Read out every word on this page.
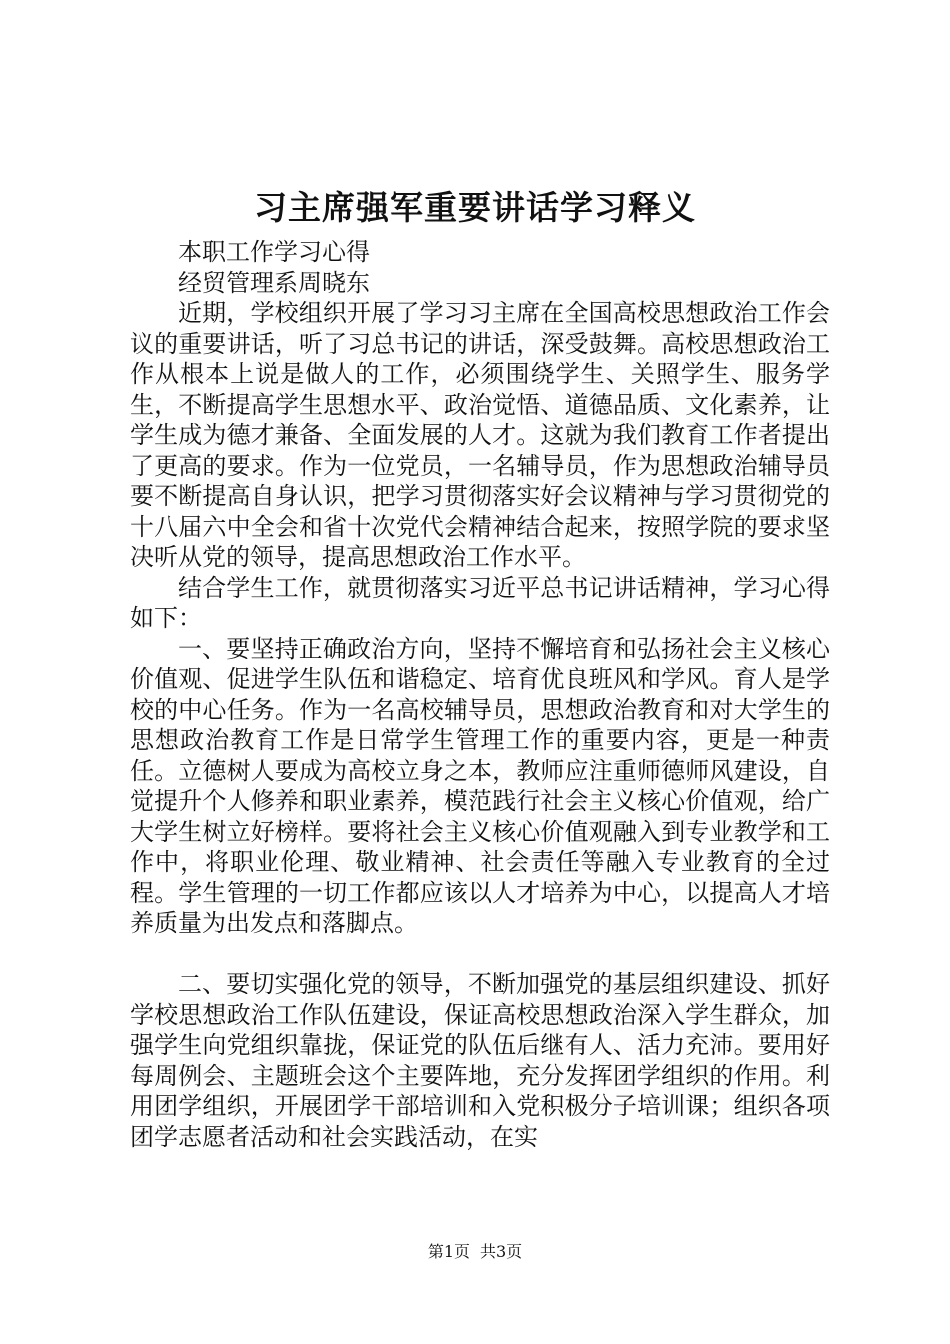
习主席强军重要讲话学习释义

本职工作学习心得

经贸管理系周晓东

近期，学校组织开展了学习习主席在全国高校思想政治工作会议的重要讲话，听了习总书记的讲话，深受鼓舞。高校思想政治工作从根本上说是做人的工作，必须围绕学生、关照学生、服务学生，不断提高学生思想水平、政治觉悟、道德品质、文化素养，让学生成为德才兼备、全面发展的人才。这就为我们教育工作者提出了更高的要求。作为一位党员，一名辅导员，作为思想政治辅导员要不断提高自身认识，把学习贯彻落实好会议精神与学习贯彻党的十八届六中全会和省十次党代会精神结合起来，按照学院的要求坚决听从党的领导，提高思想政治工作水平。

结合学生工作，就贯彻落实习近平总书记讲话精神，学习心得如下：

一、要坚持正确政治方向，坚持不懈培育和弘扬社会主义核心价值观、促进学生队伍和谐稳定、培育优良班风和学风。育人是学校的中心任务。作为一名高校辅导员，思想政治教育和对大学生的思想政治教育工作是日常学生管理工作的重要内容，更是一种责任。立德树人要成为高校立身之本，教师应注重师德师风建设，自觉提升个人修养和职业素养，模范践行社会主义核心价值观，给广大学生树立好榜样。要将社会主义核心价值观融入到专业教学和工作中，将职业伦理、敬业精神、社会责任等融入专业教育的全过程。学生管理的一切工作都应该以人才培养为中心，以提高人才培养质量为出发点和落脚点。

二、要切实强化党的领导，不断加强党的基层组织建设、抓好学校思想政治工作队伍建设，保证高校思想政治深入学生群众，加强学生向党组织靠拢，保证党的队伍后继有人、活力充沛。要用好每周例会、主题班会这个主要阵地，充分发挥团学组织的作用。利用团学组织，开展团学干部培训和入党积极分子培训课；组织各项团学志愿者活动和社会实践活动，在实

第1页 共3页
